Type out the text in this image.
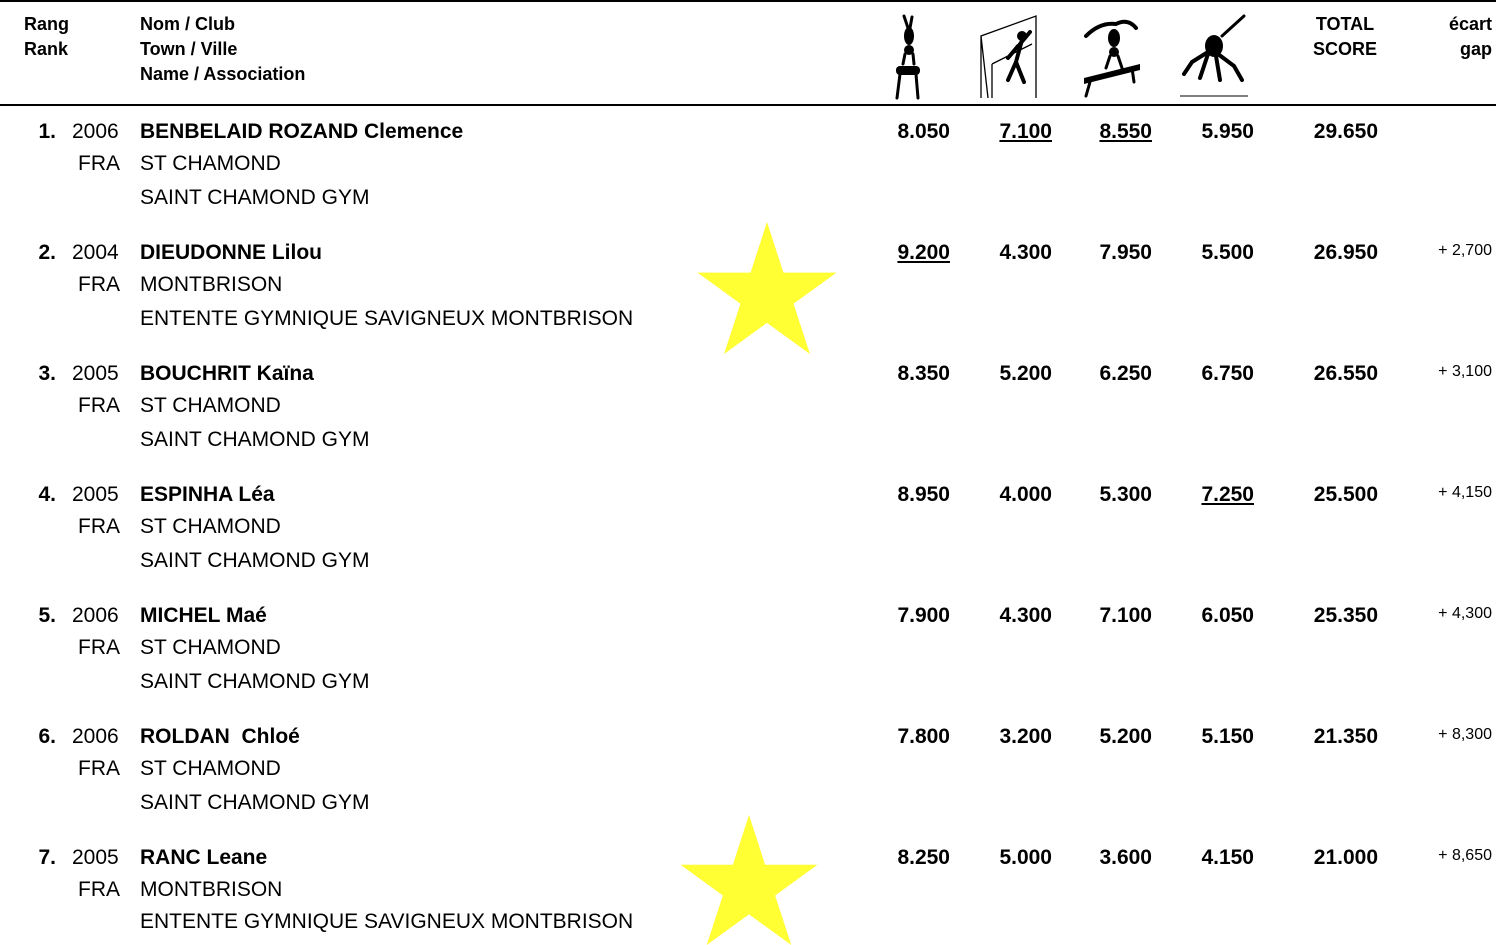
Rang
Rank
Nom / Club
Town / Ville
Name / Association
TOTAL
SCORE
écart
gap
1. 2006
FRA
BENBELAID ROZAND Clemence
ST CHAMOND
SAINT CHAMOND GYM
8.050	7.100	8.550	5.950	29.650
2. 2004
FRA
DIEUDONNE Lilou
MONTBRISON
ENTENTE GYMNIQUE SAVIGNEUX MONTBRISON
9.200	4.300	7.950	5.500	26.950	+ 2,700
3. 2005
FRA
BOUCHRIT Kaïna
ST CHAMOND
SAINT CHAMOND GYM
8.350	5.200	6.250	6.750	26.550	+ 3,100
4. 2005
FRA
ESPINHA Léa
ST CHAMOND
SAINT CHAMOND GYM
8.950	4.000	5.300	7.250	25.500	+ 4,150
5. 2006
FRA
MICHEL Maé
ST CHAMOND
SAINT CHAMOND GYM
7.900	4.300	7.100	6.050	25.350	+ 4,300
6. 2006
FRA
ROLDAN  Chloé
ST CHAMOND
SAINT CHAMOND GYM
7.800	3.200	5.200	5.150	21.350	+ 8,300
7. 2005
FRA
RANC Leane
MONTBRISON
ENTENTE GYMNIQUE SAVIGNEUX MONTBRISON
8.250	5.000	3.600	4.150	21.000	+ 8,650
